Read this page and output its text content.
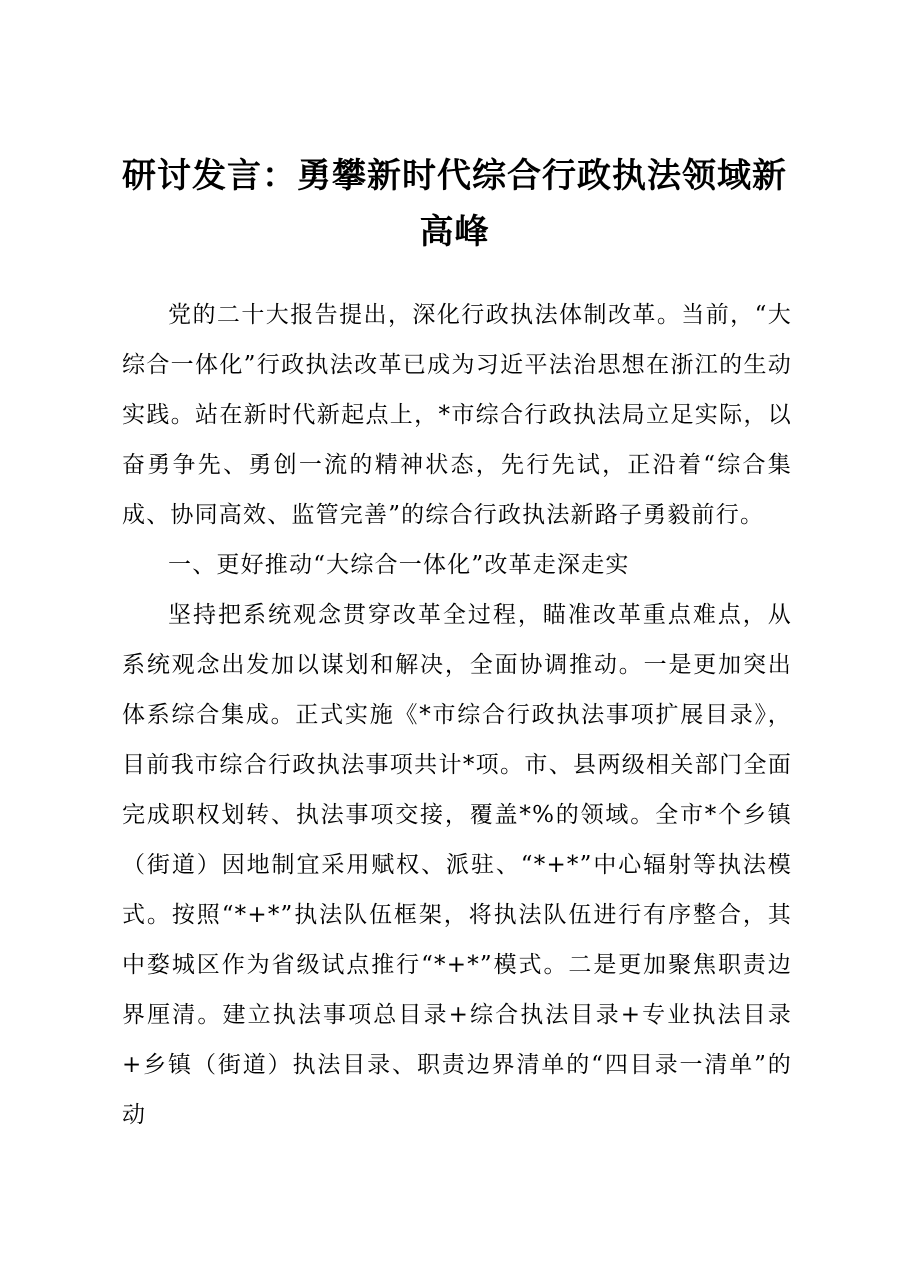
研讨发言：勇攀新时代综合行政执法领域新高峰

党的二十大报告提出，深化行政执法体制改革。当前，“大综合一体化”行政执法改革已成为习近平法治思想在浙江的生动实践。站在新时代新起点上，*市综合行政执法局立足实际，以奋勇争先、勇创一流的精神状态，先行先试，正沿着“综合集成、协同高效、监管完善”的综合行政执法新路子勇毅前行。

一、更好推动“大综合一体化”改革走深走实

坚持把系统观念贯穿改革全过程，瞄准改革重点难点，从系统观念出发加以谋划和解决，全面协调推动。一是更加突出体系综合集成。正式实施《*市综合行政执法事项扩展目录》，目前我市综合行政执法事项共计*项。市、县两级相关部门全面完成职权划转、执法事项交接，覆盖*%的领域。全市*个乡镇（街道）因地制宜采用赋权、派驻、“*+*”中心辐射等执法模式。按照“*+*”执法队伍框架，将执法队伍进行有序整合，其中婺城区作为省级试点推行“*+*”模式。二是更加聚焦职责边界厘清。建立执法事项总目录+综合执法目录+专业执法目录+乡镇（街道）执法目录、职责边界清单的“四目录一清单”的动
